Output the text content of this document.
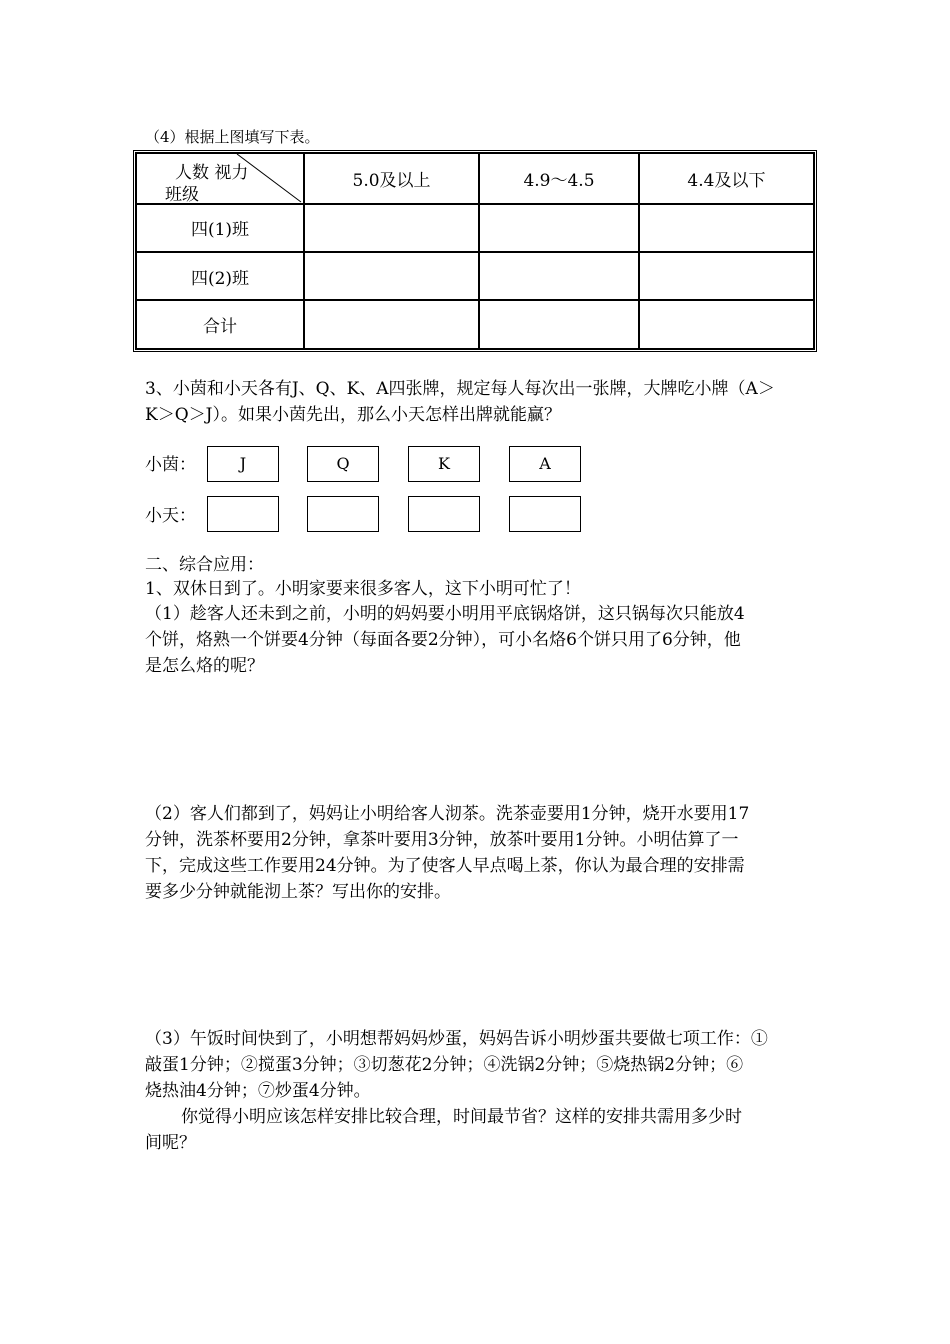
（4）根据上图填写下表。
人数 视力
班级	5.0及以上	4.9～4.5	4.4及以下
四(1)班			
四(2)班			
合计			
3、小茵和小天各有J、Q、K、A四张牌，规定每人每次出一张牌，大牌吃小牌（A＞
K＞Q＞J）。如果小茵先出，那么小天怎样出牌就能赢？
小茵：	J	Q	K	A
小天：
二、综合应用：
1、双休日到了。小明家要来很多客人，这下小明可忙了！
（1）趁客人还未到之前，小明的妈妈要小明用平底锅烙饼，这只锅每次只能放4
个饼，烙熟一个饼要4分钟（每面各要2分钟），可小名烙6个饼只用了6分钟，他
是怎么烙的呢？
（2）客人们都到了，妈妈让小明给客人沏茶。洗茶壶要用1分钟，烧开水要用17
分钟，洗茶杯要用2分钟，拿茶叶要用3分钟，放茶叶要用1分钟。小明估算了一
下，完成这些工作要用24分钟。为了使客人早点喝上茶，你认为最合理的安排需
要多少分钟就能沏上茶？写出你的安排。
（3）午饭时间快到了，小明想帮妈妈炒蛋，妈妈告诉小明炒蛋共要做七项工作：①
敲蛋1分钟；②搅蛋3分钟；③切葱花2分钟；④洗锅2分钟；⑤烧热锅2分钟；⑥
烧热油4分钟；⑦炒蛋4分钟。
你觉得小明应该怎样安排比较合理，时间最节省？这样的安排共需用多少时
间呢？
